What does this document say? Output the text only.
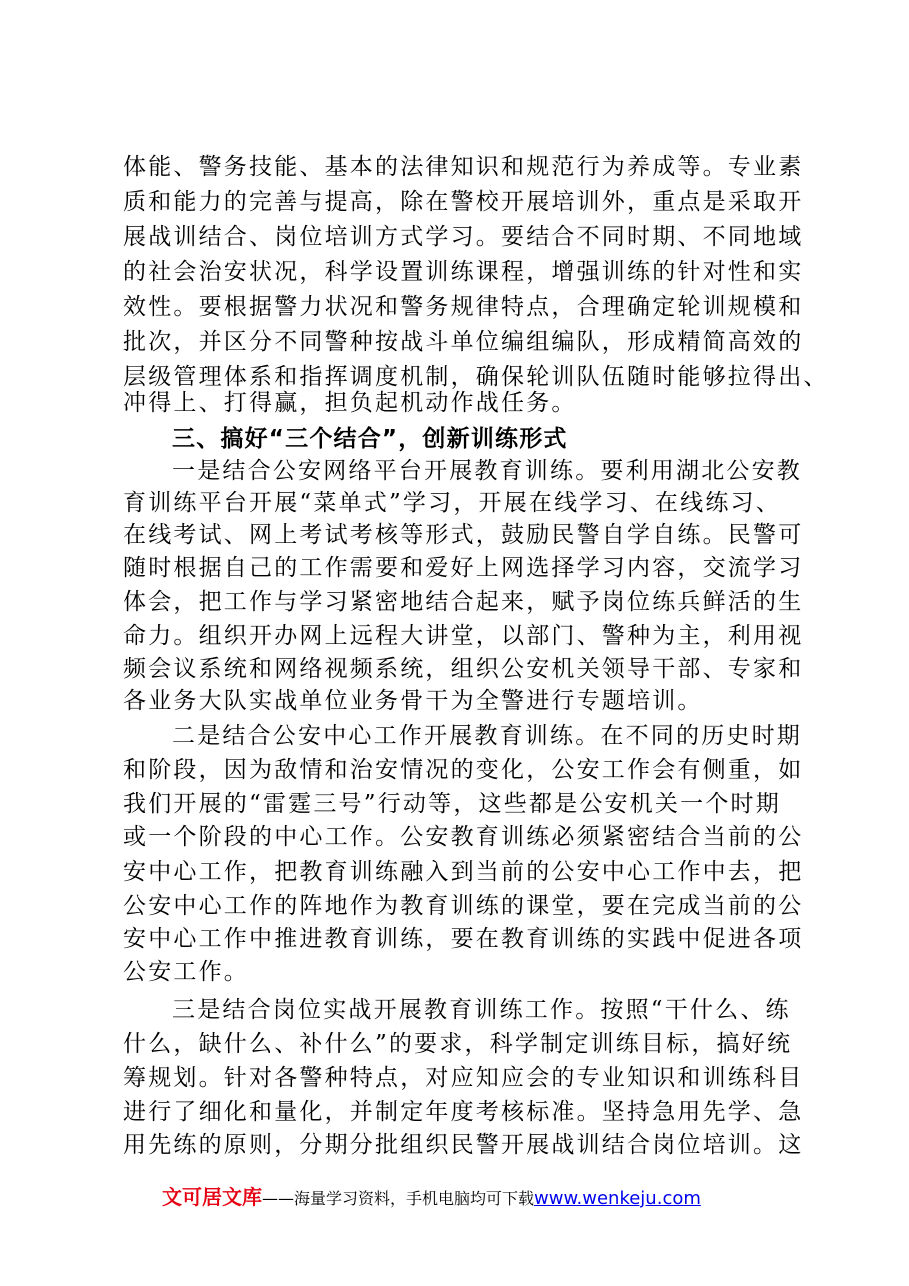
体能、警务技能、基本的法律知识和规范行为养成等。专业素
质和能力的完善与提高，除在警校开展培训外，重点是采取开
展战训结合、岗位培训方式学习。要结合不同时期、不同地域
的社会治安状况，科学设置训练课程，增强训练的针对性和实
效性。要根据警力状况和警务规律特点，合理确定轮训规模和
批次，并区分不同警种按战斗单位编组编队，形成精简高效的
层级管理体系和指挥调度机制，确保轮训队伍随时能够拉得出、
冲得上、打得赢，担负起机动作战任务。
三、搞好“三个结合”，创新训练形式
一是结合公安网络平台开展教育训练。要利用湖北公安教
育训练平台开展“菜单式”学习，开展在线学习、在线练习、
在线考试、网上考试考核等形式，鼓励民警自学自练。民警可
随时根据自己的工作需要和爱好上网选择学习内容，交流学习
体会，把工作与学习紧密地结合起来，赋予岗位练兵鲜活的生
命力。组织开办网上远程大讲堂，以部门、警种为主，利用视
频会议系统和网络视频系统，组织公安机关领导干部、专家和
各业务大队实战单位业务骨干为全警进行专题培训。
二是结合公安中心工作开展教育训练。在不同的历史时期
和阶段，因为敌情和治安情况的变化，公安工作会有侧重，如
我们开展的“雷霆三号”行动等，这些都是公安机关一个时期
或一个阶段的中心工作。公安教育训练必须紧密结合当前的公
安中心工作，把教育训练融入到当前的公安中心工作中去，把
公安中心工作的阵地作为教育训练的课堂，要在完成当前的公
安中心工作中推进教育训练，要在教育训练的实践中促进各项
公安工作。
三是结合岗位实战开展教育训练工作。按照“干什么、练
什么，缺什么、补什么”的要求，科学制定训练目标，搞好统
筹规划。针对各警种特点，对应知应会的专业知识和训练科目
进行了细化和量化，并制定年度考核标准。坚持急用先学、急
用先练的原则，分期分批组织民警开展战训结合岗位培训。这
文可居文库——海量学习资料，手机电脑均可下载www.wenkeju.com
